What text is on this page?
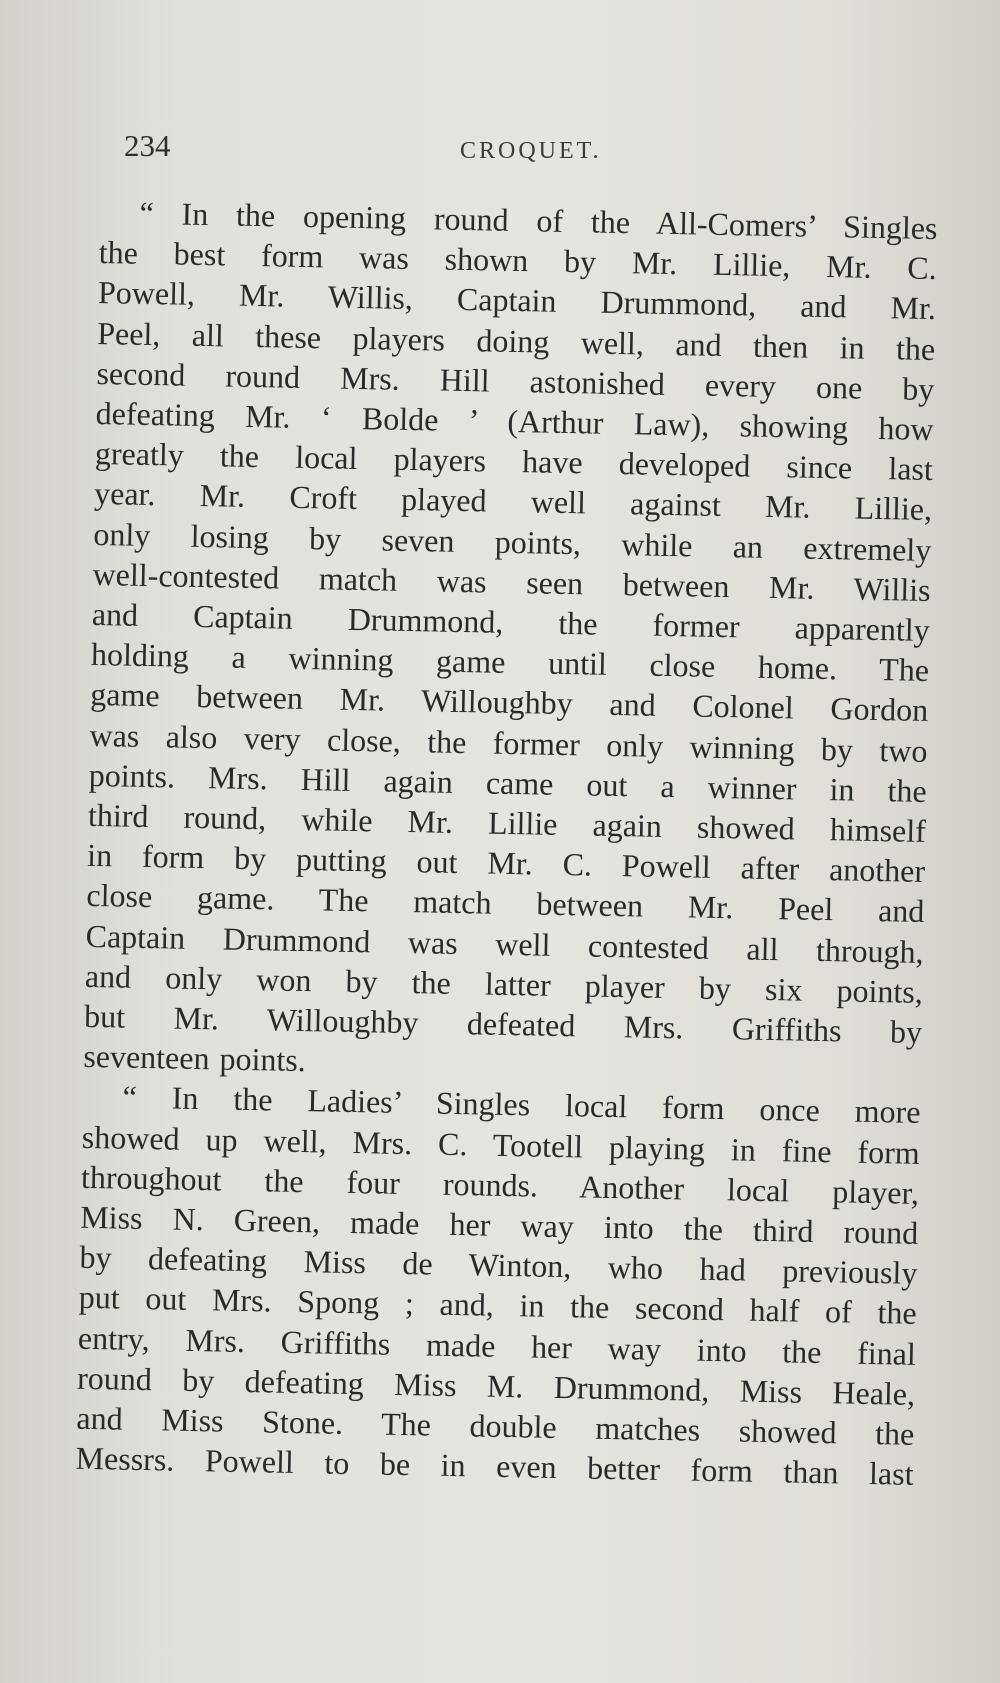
234	CROQUET.
“ In the opening round of the All-Comers’ Singles
the best form was shown by Mr. Lillie, Mr. C.
Powell, Mr. Willis, Captain Drummond, and Mr.
Peel, all these players doing well, and then in the
second round Mrs. Hill astonished every one by
defeating Mr. ‘ Bolde ’ (Arthur Law), showing how
greatly the local players have developed since last
year. Mr. Croft played well against Mr. Lillie,
only losing by seven points, while an extremely
well-contested match was seen between Mr. Willis
and Captain Drummond, the former apparently
holding a winning game until close home. The
game between Mr. Willoughby and Colonel Gordon
was also very close, the former only winning by two
points. Mrs. Hill again came out a winner in the
third round, while Mr. Lillie again showed himself
in form by putting out Mr. C. Powell after another
close game. The match between Mr. Peel and
Captain Drummond was well contested all through,
and only won by the latter player by six points,
but Mr. Willoughby defeated Mrs. Griffiths by
seventeen points.
“ In the Ladies’ Singles local form once more
showed up well, Mrs. C. Tootell playing in fine form
throughout the four rounds. Another local player,
Miss N. Green, made her way into the third round
by defeating Miss de Winton, who had previously
put out Mrs. Spong ; and, in the second half of the
entry, Mrs. Griffiths made her way into the final
round by defeating Miss M. Drummond, Miss Heale,
and Miss Stone. The double matches showed the
Messrs. Powell to be in even better form than last
